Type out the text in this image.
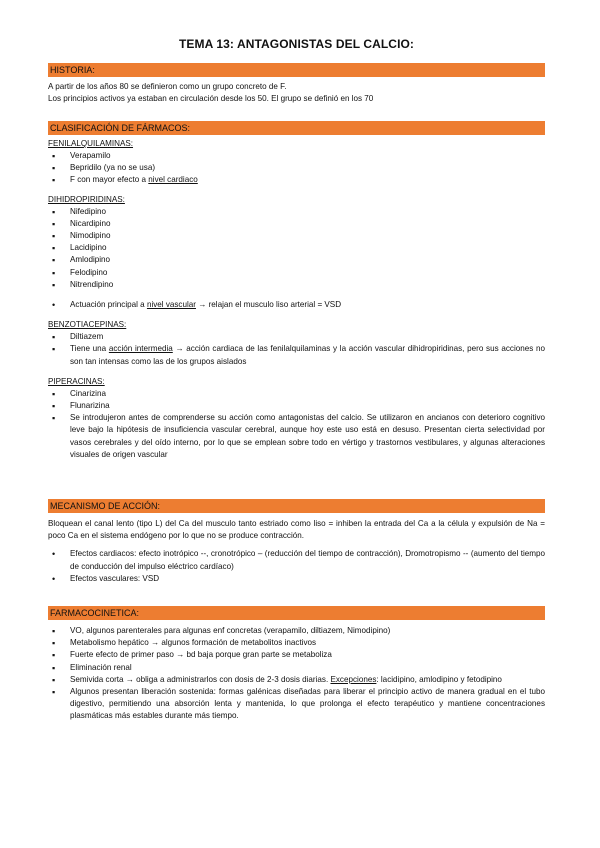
TEMA 13: ANTAGONISTAS DEL CALCIO:
HISTORIA:
A partir de los años 80 se definieron como un grupo concreto de F.
Los principios activos ya estaban en circulación desde los 50. El grupo se definió en los 70
CLASIFICACIÓN DE FÁRMACOS:
FENILALQUILAMINAS:
▪
Verapamilo
▪
Bepridilo (ya no se usa)
▪
F con mayor efecto a nivel cardiaco
DIHIDROPIRIDINAS:
▪
Nifedipino
▪
Nicardipino
▪
Nimodipino
▪
Lacidipino
▪
Amlodipino
▪
Felodipino
▪
Nitrendipino
•
Actuación principal a nivel vascular → relajan el musculo liso arterial = VSD
BENZOTIACEPINAS:
▪
Diltiazem
▪
Tiene una acción intermedia → acción cardiaca de las fenilalquilaminas y la acción vascular dihidropiridinas, pero sus acciones no son tan intensas como las de los grupos aislados
PIPERACINAS:
▪
Cinarizina
▪
Flunarizina
▪
Se introdujeron antes de comprenderse su acción como antagonistas del calcio. Se utilizaron en ancianos con deterioro cognitivo leve bajo la hipótesis de insuficiencia vascular cerebral, aunque hoy este uso está en desuso. Presentan cierta selectividad por vasos cerebrales y del oído interno, por lo que se emplean sobre todo en vértigo y trastornos vestibulares, y algunas alteraciones visuales de origen vascular
MECANISMO DE ACCIÓN:
Bloquean el canal lento (tipo L) del Ca del musculo tanto estriado como liso = inhiben la entrada del Ca a la célula y expulsión de Na = poco Ca en el sistema endógeno por lo que no se produce contracción.
•
Efectos cardiacos: efecto inotrópico --, cronotrópico – (reducción del tiempo de contracción), Dromotropismo -- (aumento del tiempo de conducción del impulso eléctrico cardíaco)
•
Efectos vasculares: VSD
FARMACOCINETICA:
▪
VO, algunos parenterales para algunas enf concretas (verapamilo, diltiazem, Nimodipino)
▪
Metabolismo hepático → algunos formación de metabolitos inactivos
▪
Fuerte efecto de primer paso → bd baja porque gran parte se metaboliza
▪
Eliminación renal
▪
Semivida corta → obliga a administrarlos con dosis de 2-3 dosis diarias. Excepciones: lacidipino, amlodipino y fetodipino
▪
Algunos presentan liberación sostenida: formas galénicas diseñadas para liberar el principio activo de manera gradual en el tubo digestivo, permitiendo una absorción lenta y mantenida, lo que prolonga el efecto terapéutico y mantiene concentraciones plasmáticas más estables durante más tiempo.
